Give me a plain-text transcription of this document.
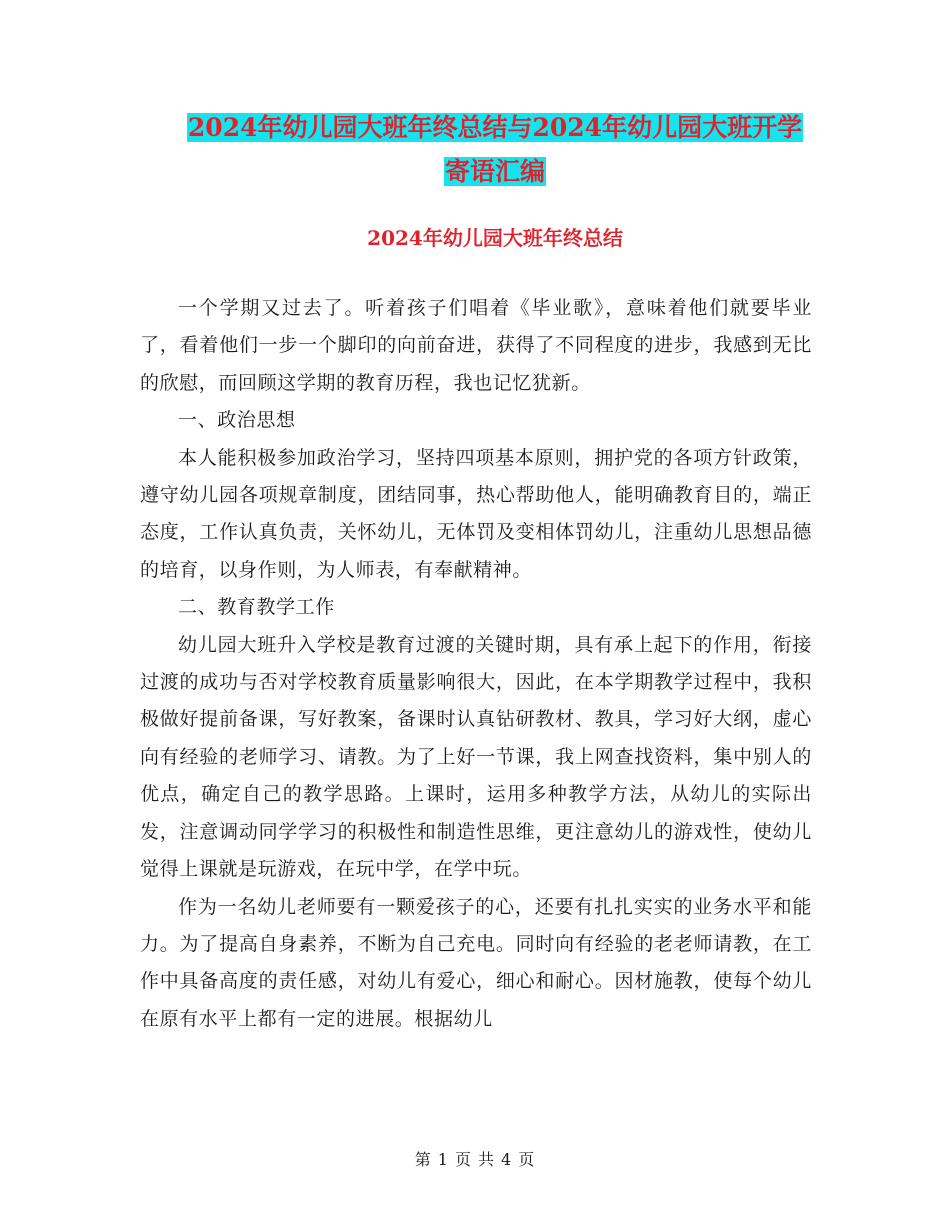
2024年幼儿园大班年终总结与2024年幼儿园大班开学
寄语汇编
2024年幼儿园大班年终总结

一个学期又过去了。听着孩子们唱着《毕业歌》，意味着他们就要毕业了，看着他们一步一个脚印的向前奋进，获得了不同程度的进步，我感到无比的欣慰，而回顾这学期的教育历程，我也记忆犹新。

一、政治思想

本人能积极参加政治学习，坚持四项基本原则，拥护党的各项方针政策，遵守幼儿园各项规章制度，团结同事，热心帮助他人，能明确教育目的，端正态度，工作认真负责，关怀幼儿，无体罚及变相体罚幼儿，注重幼儿思想品德的培育，以身作则，为人师表，有奉献精神。

二、教育教学工作

幼儿园大班升入学校是教育过渡的关键时期，具有承上起下的作用，衔接过渡的成功与否对学校教育质量影响很大，因此，在本学期教学过程中，我积极做好提前备课，写好教案，备课时认真钻研教材、教具，学习好大纲，虚心向有经验的老师学习、请教。为了上好一节课，我上网查找资料，集中别人的优点，确定自己的教学思路。上课时，运用多种教学方法，从幼儿的实际出发，注意调动同学学习的积极性和制造性思维，更注意幼儿的游戏性，使幼儿觉得上课就是玩游戏，在玩中学，在学中玩。

作为一名幼儿老师要有一颗爱孩子的心，还要有扎扎实实的业务水平和能力。为了提高自身素养，不断为自己充电。同时向有经验的老老师请教，在工作中具备高度的责任感，对幼儿有爱心，细心和耐心。因材施教，使每个幼儿在原有水平上都有一定的进展。根据幼儿

第 1 页 共 4 页
